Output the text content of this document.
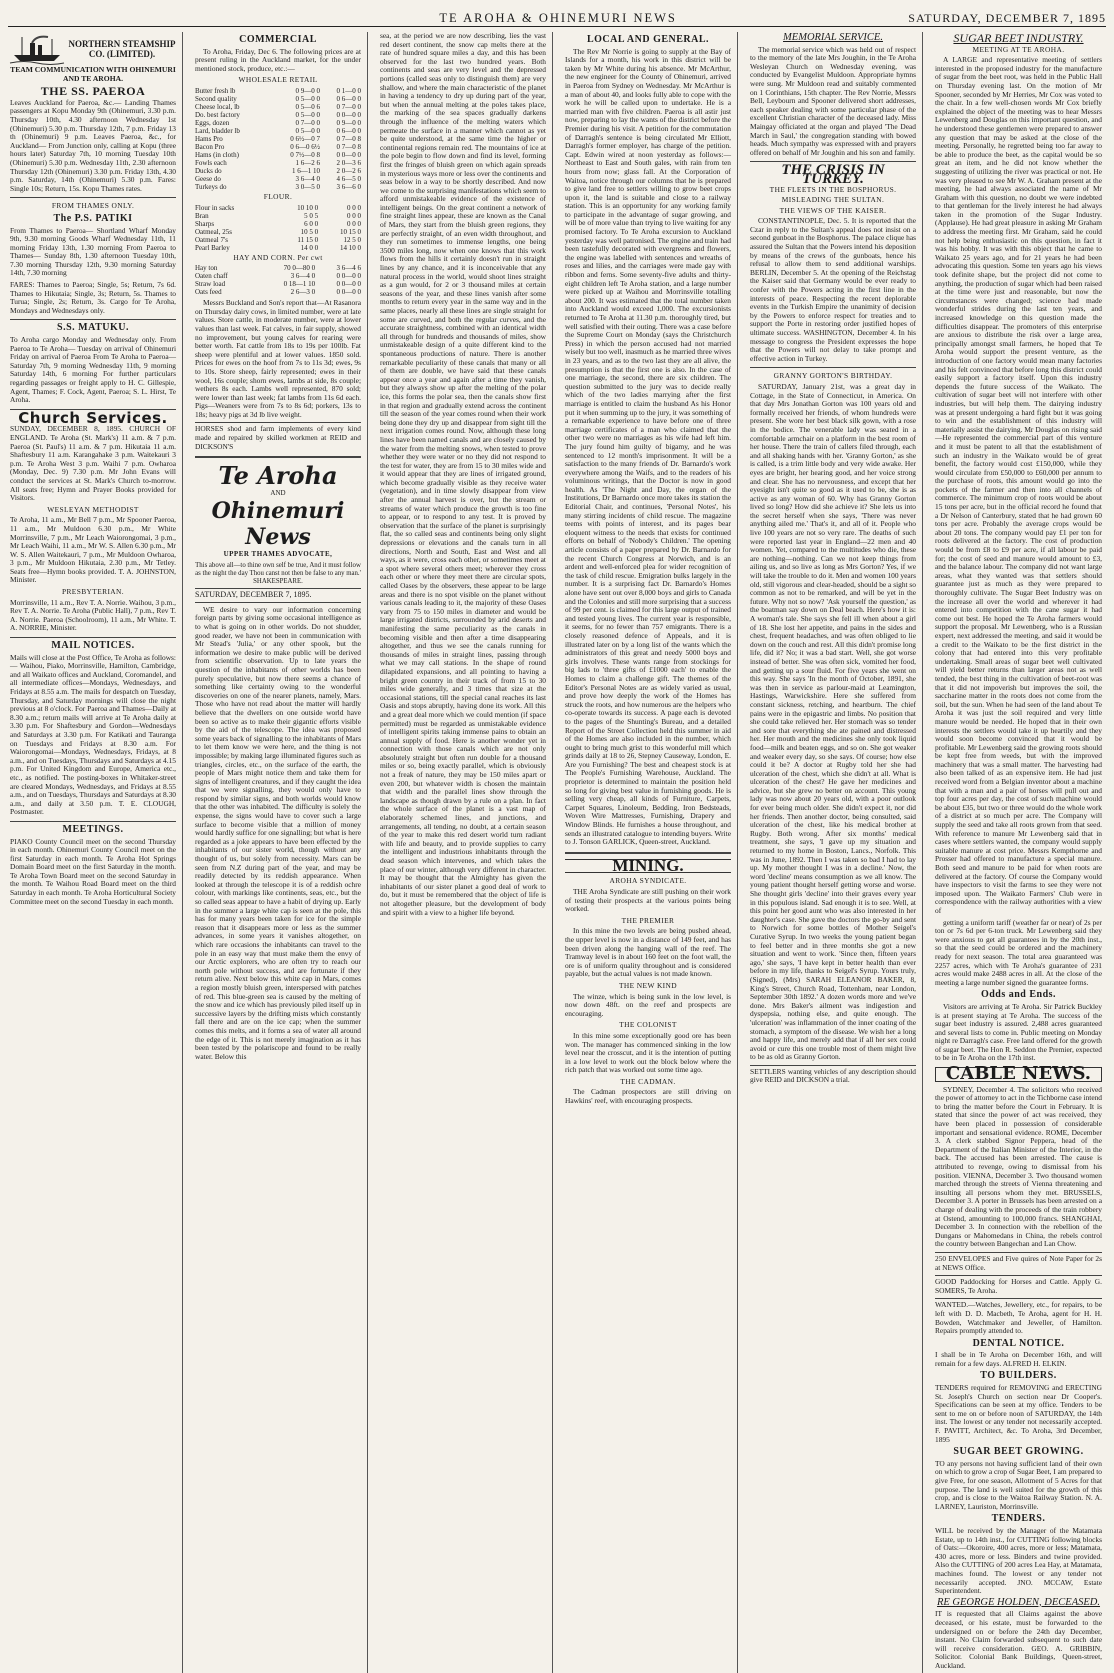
TE AROHA & OHINEMURI NEWS	SATURDAY, DECEMBER 7, 1895
NORTHERN STEAMSHIP CO. (LIMITED).
TEAM COMMUNICATION WITH OHINEMURI AND TE AROHA.
THE SS. PAEROA

Leaves Auckland for Paeroa, &c.— Landing Thames passengers at Kopu Monday 9th (Ohinemuri, 3.30 p.m. Thursday 10th, 4.30 afternoon Wednesday 1st (Ohinemuri) 5.30 p.m. Thursday 12th, 7 p.m. Friday 13 th (Ohinemuri) 9 p.m. Leaves Paeroa, &c., for Auckland— From Junction only, calling at Kopu (three hours later) Saturday 7th, 10 morning Tuesday 10th (Ohinemuri) 5.30 p.m. Wednesday 11th, 2.30 afternoon Thursday 12th (Ohinemuri) 3.30 p.m. Friday 13th, 4.30 p.m. Saturday, 14th (Ohinemuri) 5.30 p.m. Fares: Single 10s; Return, 15s. Kopu Thames rates.

FROM THAMES ONLY.
The P.S. PATIKI

From Thames to Paeroa— Shortland Wharf Monday 9th, 9.30 morning Goods Wharf Wednesday 11th, 11 morning Friday 13th, 1.30 morning From Paeroa to Thames— Sunday 8th, 1.30 afternoon Tuesday 10th, 7.30 morning Thursday 12th, 9.30 morning Saturday 14th, 7.30 morning

FARES: Thames to Paeroa; Single, 5s; Return, 7s 6d. Thames to Hikutaia; Single, 3s; Return, 5s. Thames to Turua; Single, 2s; Return, 3s. Cargo for Te Aroha, Mondays and Wednesdays only.

S.S. MATUKU.

To Aroha cargo Monday and Wednesday only. From Paeroa to Te Aroha— Tuesday on arrival of Ohinemuri Friday on arrival of Paeroa From Te Aroha to Paeroa— Saturday 7th, 9 morning Wednesday 11th, 9 morning Saturday 14th, 6 morning For further particulars regarding passages or freight apply to H. C. Gillespie, Agent, Thames; F. Cock, Agent, Paeroa; S. L. Hirst, Te Aroha.

Church Services.

SUNDAY, DECEMBER 8, 1895. CHURCH OF ENGLAND. Te Aroha (St. Mark's) 11 a.m. & 7 p.m. Paeroa (St. Paul's) 11 a.m. & 7 p.m. Hikutaia 11 a.m. Shaftesbury 11 a.m. Karangahake 3 p.m. Waitekauri 3 p.m. Te Aroha West 3 p.m. Waihi 7 p.m. Owharoa (Monday, Dec. 9) 7.30 p.m. Mr John Evans will conduct the services at St. Mark's Church to-morrow. All seats free; Hymn and Prayer Books provided for Visitors.

WESLEYAN METHODIST

Te Aroha, 11 a.m., Mr Bell 7 p.m., Mr Spooner Paeroa, 11 a.m., Mr Muldoon 6.30 p.m., Mr White Morrinsville, 7 p.m., Mr Leach Waiorongomai, 3 p.m., Mr Leach Waihi, 11 a.m., Mr W. S. Allen 6.30 p.m., Mr W. S. Allen Waitekauri, 7 p.m., Mr Muldoon Owharoa, 3 p.m., Mr Muldoon Hikutaia, 2.30 p.m., Mr Tetley. Seats free—Hymn books provided. T. A. JOHNSTON, Minister.

PRESBYTERIAN.

Morrinsville, 11 a.m., Rev T. A. Norrie. Waihou, 3 p.m., Rev T. A. Norrie. Te Aroha (Public Hall), 7 p.m., Rev T. A. Norrie. Paeroa (Schoolroom), 11 a.m., Mr White. T. A. NORRIE, Minister.

MAIL NOTICES.

Mails will close at the Post Office, Te Aroha as follows:— Waihou, Piako, Morrinsville, Hamilton, Cambridge, and all Waikato offices and Auckland, Coromandel, and all intermediate offices—Mondays, Wednesdays, and Fridays at 8.55 a.m. The mails for despatch on Tuesday, Thursday, and Saturday mornings will close the night previous at 8 o'clock. For Paeroa and Thames—Daily at 8.30 a.m.; return mails will arrive at Te Aroha daily at 3.30 p.m. For Shaftesbury and Gordon—Wednesdays and Saturdays at 3.30 p.m. For Katikati and Tauranga on Tuesdays and Fridays at 8.30 a.m. For Waiorongomai—Mondays, Wednesdays, Fridays, at 8 a.m., and on Tuesdays, Thursdays and Saturdays at 4.15 p.m. For United Kingdom and Europe, America etc., etc., as notified. The posting-boxes in Whitaker-street are cleared Mondays, Wednesdays, and Fridays at 8.55 a.m., and on Tuesdays, Thursdays and Saturdays at 8.30 a.m., and daily at 3.50 p.m. T. E. CLOUGH, Postmaster.

MEETINGS.

PIAKO County Council meet on the second Thursday in each month. Ohinemuri County Council meet on the first Saturday in each month. Te Aroha Hot Springs Domain Board meet on the first Saturday in the month. Te Aroha Town Board meet on the second Saturday in the month. Te Waihou Road Board meet on the third Saturday in each month. Te Aroha Horticultural Society Committee meet on the second Tuesday in each month.

COMMERCIAL

To Aroha, Friday, Dec 6. The following prices are at present ruling in the Auckland market, for the under mentioned stock, produce, etc.:—

WHOLESALE RETAIL
Butter fresh lb	0 9—0 0	0 1—0 0
Second quality	0 5—0 0	0 6—0 0
Cheese local, lb	0 5—0 6	0 7—0 0
Do. best factory	0 5—0 0	0 0—0 0
Eggs, dozen	0 7—0 0	0 9—0 0
Lard, bladder lb	0 5—0 0	0 6—0 0
Hams Pro	0 6½—0 7	0 7—0 8
Bacon Pro	0 6—0 6½	0 7—0 8
Hams (in cloth)	0 7½—0 8	0 0—0 0
Fowls each	1 6—2 6	2 0—3 6
Ducks do	1 6—1 10	2 0—2 6
Geese do	3 6—4 0	4 6—5 0
Turkeys do	3 0—5 0	3 6—6 0
FLOUR.
Flour in sacks	10 10 0	0 0 0
Bran	5 0 5	0 0 0
Sharps	6 0 0	0 0 0
Oatmeal, 25s	10 5 0	10 15 0
Oatmeal 7's	11 15 0	12 5 0
Pearl Barley	14 0 0	14 10 0
HAY AND CORN. Per cwt
Hay ton	70 0—80 0	3 6—4 6
Oaten chaff	3 6—4 0	0 0—0 0
Straw load	0 18—1 10	0 0—0 0
Oats feed	2 6—3 0	0 0—0 0

Messrs Buckland and Son's report that—At Rasanora on Thursday dairy cows, in limited number, were at late values. Store cattle, in moderate number, were at lower values than last week. Fat calves, in fair supply, showed no improvement, but young calves for rearing were better worth. Fat cattle from 18s to 19s per 100lb. Fat sheep were plentiful and at lower values. 1850 sold. Prices for ewes on the hoof from 7s to 11s 3d; ewes, 9s to 10s. Store sheep, fairly represented; ewes in their wool, 16s couple; shorn ewes, lambs at side, 8s couple; wethers 8s each. Lambs well represented, 870 sold; were lower than last week; fat lambs from 11s 6d each. Pigs—Weaners were from 7s to 8s 6d; porkers, 13s to 18s; heavy pigs at 3d lb live weight.

HORSES shod and farm implements of every kind made and repaired by skilled workmen at REID and DICKSON'S

Te Aroha
AND
Ohinemuri News
UPPER THAMES ADVOCATE,
This above all—to thine own self be true, And it must follow as the night the day Thou canst not then be false to any man.' SHAKESPEARE.
SATURDAY, DECEMBER 7, 1895.

WE desire to vary our information concerning foreign parts by giving some occasional intelligence as to what is going on in other worlds. Do not shudder, good reader, we have not been in communication with Mr Stead's 'Julia,' or any other spook, but the information we desire to make public will be derived from scientific observation. Up to late years the question of the inhabitants of other worlds has been purely speculative, but now there seems a chance of something like certainty owing to the wonderful discoveries on one of the nearer planets, namely, Mars. Those who have not read about the matter will hardly believe that the dwellers on one outside world have been so active as to make their gigantic efforts visible by the aid of the telescope. The idea was proposed some years back of signalling to the inhabitants of Mars to let them know we were here, and the thing is not impossible; by making large illuminated figures such as triangles, circles, etc., on the surface of the earth, the people of Mars might notice them and take them for signs of intelligent creatures, and if they caught the idea that we were signalling, they would only have to respond by similar signs, and both worlds would know that the other was inhabited. The difficulty is solely the expense, the signs would have to cover such a large surface to become visible that a million of money would hardly suffice for one signalling; but what is here regarded as a joke appears to have been effected by the inhabitants of our sister world, though without any thought of us, but solely from necessity. Mars can be seen from N.Z during part of the year, and may be readily detected by its reddish appearance. When looked at through the telescope it is of a reddish ochre colour, with markings like continents, seas, etc., but the so called seas appear to have a habit of drying up. Early in the summer a large white cap is seen at the pole, this has for many years been taken for ice for the simple reason that it disappears more or less as the summer advances, in some years it vanishes altogether, on which rare occasions the inhabitants can travel to the pole in an easy way that must make them the envy of our Arctic explorers, who are often try to reach our north pole without success, and are fortunate if they return alive. Next below this white cap in Mars, comes a region mostly bluish green, interspersed with patches of red. This blue-green sea is caused by the melting of the snow and ice which has previously piled itself up in successive layers by the drifting mists which constantly fall there and are on the ice cap; when the summer comes this melts, and it forms a sea of water all around the edge of it. This is not merely imagination as it has been tested by the polariscope and found to be really water. Below this

sea, at the period we are now describing, lies the vast red desert continent, the snow cap melts there at the rate of hundred square miles a day, and this has been observed for the last two hundred years. Both continents and seas are very level and the depressed portions (called seas only to distinguish them) are very shallow, and where the main characteristic of the planet in having a tendency to dry up during part of the year, but when the annual melting at the poles takes place, the marking of the sea spaces gradually darkens through the influence of the melting waters which permeate the surface in a manner which cannot as yet be quite understood, at the same time the higher or continental regions remain red. The mountains of ice at the pole begin to flow down and find its level, forming first the fringes of bluish green on which again spreads in mysterious ways more or less over the continents and seas below in a way to be shortly described. And now we come to the surprising manifestations which seem to afford unmistakeable evidence of the existence of intelligent beings. On the great continent a network of fine straight lines appear, these are known as the Canal of Mars, they start from the bluish green regions, they are perfectly straight, of an even width throughout, and they run sometimes to immense lengths, one being 3500 miles long, now when one knows that this work flows from the hills it certainly doesn't run in straight lines by any chance, and it is inconceivable that any natural process in the world, would shoot lines straight as a gun would, for 2 or 3 thousand miles at certain seasons of the year, and these lines vanish after some months to return every year in the same way and in the same places, nearly all these lines are single straight for some are curved, and both the regular curves, and the accurate straightness, combined with an identical width all through for hundreds and thousands of miles, show unmistakeable design of a quite different kind to the spontaneous productions of nature. There is another remarkable peculiarity of these canals that many or all of them are double, we have said that these canals appear once a year and again after a time they vanish, but they always show up after the melting of the polar ice, this forms the polar sea, then the canals show first in that region and gradually extend across the continent till the season of the year comes round when their work being done they dry up and disappear from sight till the next irrigation comes round. Now, although these long lines have been named canals and are closely caused by the water from the melting snows, when tested to prove whether they were water or no they did not respond to the test for water, they are from 15 to 30 miles wide and it would appear that they are lines of irrigated ground, which become gradually visible as they receive water (vegetation), and in time slowly disappear from view after the annual harvest is over, but the stream or streams of water which produce the growth is too fine to appear, or to respond to any test. It is proved by observation that the surface of the planet is surprisingly flat, the so called seas and continents being only slight depressions or elevations and the canals turn in all directions, North and South, East and West and all ways, as it were, cross each other, or sometimes meet at a spot where several others meet; wherever they cross each other or where they meet there are circular spots, called Oases by the observers, these appear to be large areas and there is no spot visible on the planet without various canals leading to it, the majority of these Oases vary from 75 to 150 miles in diameter and would be large irrigated districts, surrounded by arid deserts and manifesting the same peculiarity as the canals in becoming visible and then after a time disappearing altogether, and thus we see the canals running for thousands of miles in straight lines, passing through what we may call stations. In the shape of round dilapidated expansions, and all pointing to having a bright green country in their track of from 15 to 30 miles wide generally, and 3 times that size at the occasional stations, till the special canal reaches its last Oasis and stops abruptly, having done its work. All this and a great deal more which we could mention (if space permitted) must be regarded as unmistakable evidence of intelligent spirits taking immense pains to obtain an annual supply of food. Here is another wonder yet in connection with those canals which are not only absolutely straight but often run double for a thousand miles or so, being exactly parallel, which is obviously not a freak of nature, they may be 150 miles apart or even 200, but whatever width is chosen the maintain that width and the parallel lines show through the landscape as though drawn by a rule on a plan. In fact the whole surface of the planet is a vast map of elaborately schemed lines, and junctions, and arrangements, all tending, no doubt, at a certain season of the year to make this red desert world turn radiant with life and beauty, and to provide supplies to carry the intelligent and industrious inhabitants through the dead season which intervenes, and which takes the place of our winter, although very different in character. It may be thought that the Almighty has given the inhabitants of our sister planet a good deal of work to do, but it must be remembered that the object of life is not altogether pleasure, but the development of body and spirit with a view to a higher life beyond.

LOCAL AND GENERAL.

The Rev Mr Norrie is going to supply at the Bay of Islands for a month, his work in this district will be taken by Mr White during his absence. Mr McArthur, the new engineer for the County of Ohinemuri, arrived in Paeroa from Sydney on Wednesday. Mr McArthur is a man of about 40, and looks fully able to cope with the work he will be called upon to undertake. He is a married man with five children. Paeroa is all astir just now, preparing to lay the wants of the district before the Premier during his visit. A petition for the commutation of Darragh's sentence is being circulated Mr Elliott, Darragh's former employer, has charge of the petition. Capt. Edwin wired at noon yesterday as follows:—Northeast to East and South gales, with rain from ten hours from now; glass fall. At the Corporation of Waitoa, notice through our columns that he is prepared to give land free to settlers willing to grow beet crops upon it, the land is suitable and close to a railway station. This is an opportunity for any working family to participate in the advantage of sugar growing, and will be of more value than trying to live waiting for any promised factory. To Te Aroha excursion to Auckland yesterday was well patronised. The engine and train had been tastefully decorated with evergreens and flowers, the engine was labelled with sentences and wreaths of roses and lilies, and the carriages were made gay with ribbon and ferns. Some seventy-five adults and thirty-eight children left Te Aroha station, and a large number were picked up at Waihou and Morrinsville totalling about 200. It was estimated that the total number taken into Auckland would exceed 1,000. The excursionists returned to Te Aroha at 11.30 p.m. thoroughly tired, but well satisfied with their outing. There was a case before the Supreme Court on Monday (says the Christchurch Press) in which the person accused had not married wisely but too well, inasmuch as he married three wives in 23 years, and as to the two last they are all alive, the presumption is that the first one is also. In the case of one marriage, the second, there are six children. The question submitted to the jury was to decide really which of the two ladies marrying after the first marriage is entitled to claim the husband As his Honor put it when summing up to the jury, it was something of a remarkable experience to have before one of three marriage certificates of a man who claimed that the other two were no marriages as his wife had left him. The jury found him guilty of bigamy, and he was sentenced to 12 month's imprisonment. It will be a satisfaction to the many friends of Dr. Barnardo's work everywhere among the Waifs, and to the readers of his voluminous writings, that the Doctor is now in good health. As 'The Night and Day, the organ of the Institutions, Dr Barnardo once more takes its station the Editorial Chair, and continues, 'Personal Notes', his many stirring incidents of child rescue. The magazine teems with points of interest, and its pages bear eloquent witness to the needs that exists for continued efforts on behalf of 'Nobody's Children.' The opening article consists of a paper prepared by Dr. Barnardo for the recent Church Congress at Norwich, and is an ardent and well-enforced plea for wider recognition of the task of child rescue. Emigration bulks largely in the number. It is a surprising fact Dr. Barnardo's Homes alone have sent out over 8,000 boys and girls to Canada and the Colonies and still more surprising that a success of 99 per cent. is claimed for this large output of trained and tested young lives. The current year is responsible, it seems, for no fewer than 757 emigrants. There is a closely reasoned defence of Appeals, and it is illustrated later on by a long list of the wants which the administrators of this great and needy 5000 boys and girls involves. These wants range from stockings for big lads to 'three gifts of £1000 each' to enable the Homes to claim a challenge gift. The themes of the Editor's Personal Notes are as widely varied as usual, and prove how deeply the work of the Homes has struck the roots, and how numerous are the helpers who co-operate towards its success. A page each is devoted to the pages of the Shunting's Bureau, and a detailed Report of the Street Collection held this summer in aid of the Homes are also included in the number, which ought to bring much grist to this wonderful mill which grinds daily at 18 to 26, Stepney Causeway, London, E. Are you Furnishing? The best and cheapest stock is at The People's Furnishing Warehouse, Auckland. The proprietor is determined to maintain the position held so long for giving best value in furnishing goods. He is selling very cheap, all kinds of Furniture, Carpets, Carpet Squares, Linoleum, Bedding, Iron Bedsteads, Woven Wire Mattresses, Furnishing, Drapery and Window Blinds. He furnishes a house throughout, and sends an illustrated catalogue to intending buyers. Write to J. Tonson GARLICK, Queen-street, Auckland.

MINING.
AROHA SYNDICATE.

THE Aroha Syndicate are still pushing on their work of testing their prospects at the various points being worked.

THE PREMIER

In this mine the two levels are being pushed ahead, the upper level is now in a distance of 149 feet, and has been driven along the hanging wall of the reef. The Tramway level is in about 160 feet on the foot wall, the ore is of uniform quality throughout and is considered payable, but the actual values is not made known.

THE NEW KIND

The winze, which is being sunk in the low level, is now down 48ft. on the reef and prospects are encouraging.

THE COLONIST

In this mine some exceptionally good ore has been won. The manager has commenced sinking in the low level near the crosscut, and it is the intention of putting in a low level to work out the block below where the rich patch that was worked out some time ago.

THE CADMAN.

The Cadman prospectors are still driving on Hawkins' reef, with encouraging prospects.

MEMORIAL SERVICE.

The memorial service which was held out of respect to the memory of the late Mrs Joughin, in the Te Aroha Wesleyan Church on Wednesday evening, was conducted by Evangelist Muldoon. Appropriate hymns were sung. Mr Muldoon read and suitably commented on 1 Corinthians, 15th chapter. The Rev Norrie, Messrs Bell, Leybourn and Spooner delivered short addresses, each speaker dealing with some particular phase of the excellent Christian character of the deceased lady. Miss Maingay officiated at the organ and played 'The Dead March in Saul,' the congregation standing with bowed heads. Much sympathy was expressed with and prayers offered on behalf of Mr Joughin and his son and family.

THE CRISIS IN TURKEY.
THE FLEETS IN THE BOSPHORUS.
MISLEADING THE SULTAN.
THE VIEWS OF THE KAISER.

CONSTANTINOPLE, Dec. 5. It is reported that the Czar in reply to the Sultan's appeal does not insist on a second gunboat in the Bosphorus. The palace clique has assured the Sultan that the Powers intend his deposition by means of the crews of the gunboats, hence his refusal to allow them to send additional warships. BERLIN, December 5. At the opening of the Reichstag the Kaiser said that Germany would be ever ready to confer with the Powers acting in the first line in the interests of peace. Respecting the recent deplorable events in the Turkish Empire the unanimity of decision by the Powers to enforce respect for treaties and to support the Porte in restoring order justified hopes of ultimate success. WASHINGTON, December 4. In his message to congress the President expresses the hope that the Powers will not delay to take prompt and effective action in Turkey.

GRANNY GORTON'S BIRTHDAY.

SATURDAY, January 21st, was a great day in Cottage, in the State of Connecticut, in America. On that day Mrs Jonathan Gorton was 100 years old and formally received her friends, of whom hundreds were present. She wore her best black silk gown, with a rose in the bodice. The venerable lady was seated in a comfortable armchair on a platform in the best room of her house. There the train of callers filed through, each and all shaking hands with her. 'Granny Gorton,' as she is called, is a trim little body and very wide awake. Her eyes are bright, her hearing good, and her voice strong and clear. She has no nervousness, and except that her eyesight isn't quite so good as it used to be, she is as active as any woman of 60. Why has Granny Gorton lived so long? How did she achieve it? She lets us into the secret herself when she says, 'There was never anything ailed me.' That's it, and all of it. People who live 100 years are not so very rare. The deaths of such were reported last year in England—22 men and 40 women. Yet, compared to the multitudes who die, these are nothing—nothing. Can we not keep things from ailing us, and so live as long as Mrs Gorton? Yes, if we will take the trouble to do it. Men and women 100 years old, still vigorous and clear-headed, should be a sight so common as not to be remarked, and will be yet in the future. Why not so now? 'Ask yourself the question,' as the boatman say down on Deal beach. Here's how it is: A woman's tale. She says she fell ill when about a girl of 18. She lost her appetite, and pains in the sides and chest, frequent headaches, and was often obliged to lie down on the couch and rest. All this didn't promise long life, did it? No; it was a bad start. Well, she got worse instead of better. She was often sick, vomited her food, and getting up a sour fluid. For five years she went on this way. She says 'In the month of October, 1891, she was then in service as parlour-maid at Leamington, Hastings, Warwickshire. Here she suffered from constant sickness, retching, and heartburn. The chief pains were in the epigastric and limbs. No position that she could take relieved her. Her stomach was so tender and sore that everything she ate pained and distressed her. Her mouth and the medicines she only took liquid food—milk and beaten eggs, and so on. She got weaker and weaker every day, so she says. Of course; how else could it be? A doctor at Rugby told her she had ulceration of the chest, which she didn't at all. What is ulceration of the chest? He gave her medicines and advice, but she grew no better on account. This young lady was now about 20 years old, with a poor outlook for ever being much older. She didn't expect it, nor did her friends. Then another doctor, being consulted, said ulceration of the chest, like his medical brother at Rugby. Both wrong. After six months' medical treatment, she says, 'I gave up my situation and returned to my home in Boston, Lancs., Norfolk. This was in June, 1892. Then I was taken so bad I had to lay up. My mother thought I was in a decline.' Now, the word 'decline' means consumption as we all know. The young patient thought herself getting worse and worse. She thought girls 'decline' into their graves every year in this populous island. Sad enough it is to see. Well, at this point her good aunt who was also interested in her daughter's case. She gave the doctors the go-by and sent to Norwich for some bottles of Mother Seigel's Curative Syrup. In two weeks the young patient began to feel better and in three months she got a new situation and went to work. 'Since then, fifteen years ago,' she says, 'I have kept in better health than ever before in my life, thanks to Seigel's Syrup. Yours truly, (Signed), (Mrs) SARAH ELEANOR BAKER, 8, King's Street, Church Road, Tottenham, near London, September 30th 1892.' A dozen words more and we've done. Mrs Baker's ailment was indigestion and dyspepsia, nothing else, and quite enough. The 'ulceration' was inflammation of the inner coating of the stomach, a symptom of the disease. We wish her a long and happy life, and merely add that if all her sex could avoid or cure this one trouble most of them might live to be as old as Granny Gorton.

SETTLERS wanting vehicles of any description should give REID and DICKSON a trial.

SUGAR BEET INDUSTRY.
MEETING AT TE AROHA.

A LARGE and representative meeting of settlers interested in the proposed industry for the manufacture of sugar from the beet root, was held in the Public Hall on Thursday evening last. On the motion of Mr Spooner, seconded by Mr Herries, Mr Cox was voted to the chair. In a few well-chosen words Mr Cox briefly explained the object of the meeting was to hear Messrs Lewenberg and Douglas on this important question, and he understood these gentlemen were prepared to answer any question that may be asked at the close of the meeting. Personally, he regretted being too far away to be able to produce the beet, as the capital would be so great an item, and he did not know whether the suggesting of utilizing the river was practical or not. He was very pleased to see Mr W. A. Graham present at the meeting, he had always associated the name of Mr Graham with this question, no doubt we were indebted to that gentleman for the lively interest he had always taken in the promotion of the Sugar Industry. (Applause). He had great pleasure in asking Mr Graham to address the meeting first. Mr Graham, said he could not help being enthusiastic on this question, in fact it was his hobby. It was with this object that he came to Waikato 25 years ago, and for 21 years he had been advocating this question. Some ten years ago his views took definite shape, but the project did not come to anything, the production of sugar which had been raised at the time were just and reasonable, but now the circumstances were changed; science had made wonderful strides during the last ten years, and increased knowledge on this question made the difficulties disappear. The promoters of this enterprise are anxious to distribute the risk over a large area, principally amongst small farmers, he hoped that Te Aroha would support the present venture, as the introduction of one factory would mean many factories and his felt convinced that before long this district could easily support a factory itself. Upon this industry depends the future success of the Waikato. The cultivation of sugar beet will not interfere with other industries, but will help them. The dairying industry was at present undergoing a hard fight but it was going to win and the establishment of this industry will materially assist the dairying. Mr Douglas on rising said—He represented the commercial part of this venture and it must be patent to all that the establishment of such an industry in the Waikato would be of great benefit, the factory would cost £150,000, while they would circulate from £50,000 to £60,000 per annum to the purchase of roots, this amount would go into the pockets of the farmer and then into all channels of commerce. The minimum crop of roots would be about 15 tons per acre, but in the official record he found that a Dr Nelson of Canterbury, stated that he had grown 60 tons per acre. Probably the average crops would be about 20 tons. The company would pay £1 per ton for roots delivered at the factory. The cost of production would be from £8 to £9 per acre, if all labour be paid for; the cost of seed and manure would amount to £3, and the balance labour. The company did not want large areas, what they wanted was that settlers should guarantee just as much as they were prepared to thoroughly cultivate. The Sugar Beet Industry was on the increase all over the world and wherever it had entered into competition with the cane sugar it had come out best. He hoped the Te Aroha farmers would support the proposal. Mr Lewenberg, who is a Russian expert, next addressed the meeting, and said it would be a credit to the Waikato to be the first district in the colony that had entered into this very profitable undertaking. Small areas of sugar beet well cultivated will yield better returns than larger areas not as well tended, the best thing in the cultivation of beet-root was that it did not impoverish but improves the soil, the saccharine matter in the roots does not come from the soil, but the sun. When he had seen of the land about Te Aroha it was just the soil required and very little manure would be needed. He hoped that in their own interests the settlers would take it up heartily and they would soon become convinced that it would be profitable. Mr Lewenberg said the growing roots should be kept free from weeds, but with the improved machinery that was a small matter. The harvesting had also been talked of as an expensive item. He had just received word from a Belgian inventor about a machine that with a man and a pair of horses will pull out and top four acres per day, the cost of such machine would be about £35, but two or three would do the whole work of a district at so much per acre. The Company will supply the seed and take all roots grown from that seed. With reference to manure Mr Lewenberg said that in cases where settlers wanted, the company would supply suitable manure at cost price. Messrs Kempthorne and Prosser had offered to manufacture a special manure. Both seed and manure to be paid for when roots are delivered at the factory. Of course the Company would have inspectors to visit the farms to see they were not imposed upon. The Waikato Farmers' Club were in correspondence with the railway authorities with a view of

getting a uniform tariff (weather far or near) of 2s per ton or 7s 6d per 6-ton truck. Mr Lewenberg said they were anxious to get all guarantees in by the 20th inst., so that the seed could be ordered and the machinery ready for next season. The total area guaranteed was 2257 acres, which with Te Aroha's guarantee of 231 acres would make 2488 acres in all. At the close of the meeting a large number signed the guarantee forms.

Odds and Ends.

Visitors are arriving at Te Aroha. Sir Patrick Buckley is at present staying at Te Aroha. The success of the sugar beet industry is assured. 2,488 acres guaranteed and several lists to come in. Public meeting on Monday night re Darragh's case. Free land offered for the growth of sugar beet. The Hon R. Seddon the Premier, expected to be in Te Aroha on the 17th inst.

CABLE NEWS.

SYDNEY, December 4. The solicitors who received the power of attorney to act in the Tichborne case intend to bring the matter before the Court in February. It is stated that since the power of act was received, they have been placed in possession of considerable important and sensational evidence. ROME, December 3. A clerk stabbed Signor Peppera, head of the Department of the Italian Minister of the Interior, in the back. The accused has been arrested. The cause is attributed to revenge, owing to dismissal from his position. VIENNA, December 3. Two thousand women marched through the streets of Vienna threatening and insulting all persons whom they met. BRUSSELS, December 3. A porter in Brussels has been arrested on a charge of dealing with the proceeds of the train robbery at Ostend, amounting to 100,000 francs. SHANGHAI, December 3. In connection with the rebellion of the Dungans or Mahomedans in China, the rebels control the country between Bangechan and Lan Chow.

250 ENVELOPES and Five quires of Note Paper for 2s at NEWS Office.

GOOD Paddocking for Horses and Cattle. Apply G. SOMERS, Te Aroha.

WANTED.—Watches, Jewellery, etc., for repairs, to be left with D. D. Macbeth, Te Aroha, agent for H. H. Bowden, Watchmaker and Jeweller, of Hamilton. Repairs promptly attended to.

DENTAL NOTICE.

I shall be in Te Aroha on December 16th, and will remain for a few days. ALFRED H. ELKIN.

TO BUILDERS.

TENDERS required for REMOVING and ERECTING St. Joseph's Church on section near Dr Cooper's. Specifications can be seen at my office. Tenders to be sent to me on or before noon of SATURDAY, the 14th inst. The lowest or any tender not necessarily accepted. F. PAVITT, Architect, &c. To Aroha, 3rd December, 1895

SUGAR BEET GROWING.

TO any persons not having sufficient land of their own on which to grow a crop of Sugar Beet, I am prepared to give Free, for one season, Allotment of 5 Acres for that purpose. The land is well suited for the growth of this crop, and is close to the Waitoa Railway Station. N. A. LARNEY, Lauriston, Morrinsville.

TENDERS.

WILL be received by the Manager of the Matamata Estate, up to 14th inst., for CUTTING following blocks of Oats:—Okoroire, 400 acres, more or less; Matamata, 430 acres, more or less. Binders and twine provided. Also the CUTTING of 200 acres Lea Hay, at Matamata, machines found. The lowest or any tender not necessarily accepted. JNO. MCCAW, Estate Superintendent.

RE GEORGE HOLDEN, DECEASED.

IT is requested that all Claims against the above deceased, or his estate, must be forwarded to the undersigned on or before the 24th day December, instant. No Claim forwarded subsequent to such date will receive consideration. GEO. A. GRIBBIN, Solicitor. Colonial Bank Buildings, Queen-street, Auckland.
